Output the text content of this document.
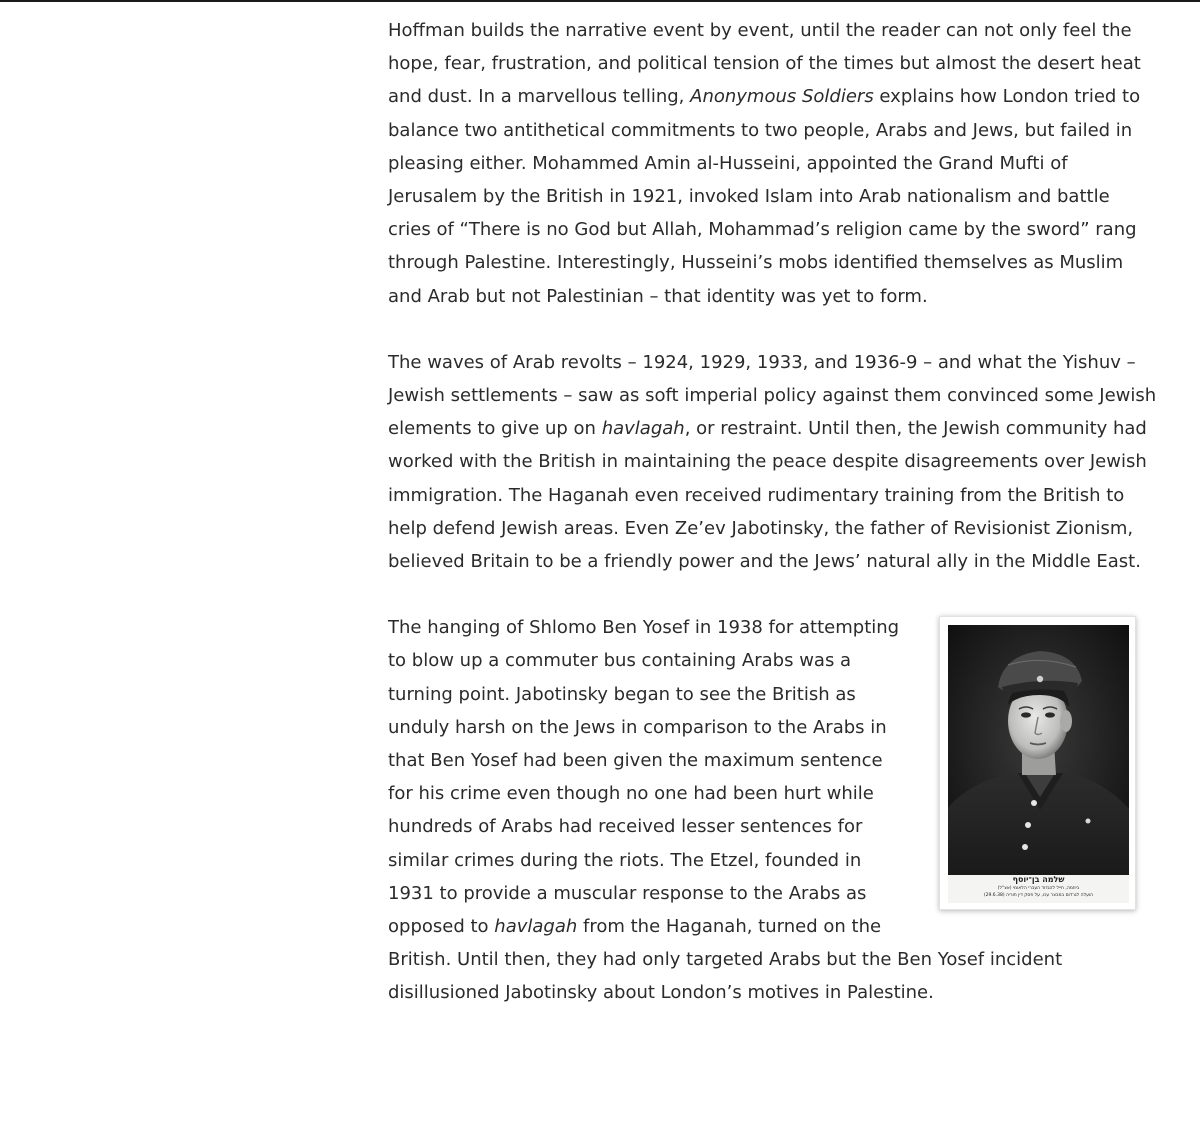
Hoffman builds the narrative event by event, until the reader can not only feel the hope, fear, frustration, and political tension of the times but almost the desert heat and dust. In a marvellous telling, Anonymous Soldiers explains how London tried to balance two antithetical commitments to two people, Arabs and Jews, but failed in pleasing either. Mohammed Amin al-Husseini, appointed the Grand Mufti of Jerusalem by the British in 1921, invoked Islam into Arab nationalism and battle cries of “There is no God but Allah, Mohammad’s religion came by the sword” rang through Palestine. Interestingly, Husseini’s mobs identified themselves as Muslim and Arab but not Palestinian – that identity was yet to form.

The waves of Arab revolts – 1924, 1929, 1933, and 1936-9 – and what the Yishuv – Jewish settlements – saw as soft imperial policy against them convinced some Jewish elements to give up on havlagah, or restraint. Until then, the Jewish community had worked with the British in maintaining the peace despite disagreements over Jewish immigration. The Haganah even received rudimentary training from the British to help defend Jewish areas. Even Ze’ev Jabotinsky, the father of Revisionist Zionism, believed Britain to be a friendly power and the Jews’ natural ally in the Middle East.

שלמה בן־יוסף
ביוזמה, חייל להגדוד העברי הלאומי (אצ"ל)
הועלה לגרדום במבצר עכו, על פסק דין תוריה (29.6.38)

The hanging of Shlomo Ben Yosef in 1938 for attempting to blow up a commuter bus containing Arabs was a turning point. Jabotinsky began to see the British as unduly harsh on the Jews in comparison to the Arabs in that Ben Yosef had been given the maximum sentence for his crime even though no one had been hurt while hundreds of Arabs had received lesser sentences for similar crimes during the riots. The Etzel, founded in 1931 to provide a muscular response to the Arabs as opposed to havlagah from the Haganah, turned on the British. Until then, they had only targeted Arabs but the Ben Yosef incident disillusioned Jabotinsky about London’s motives in Palestine.
